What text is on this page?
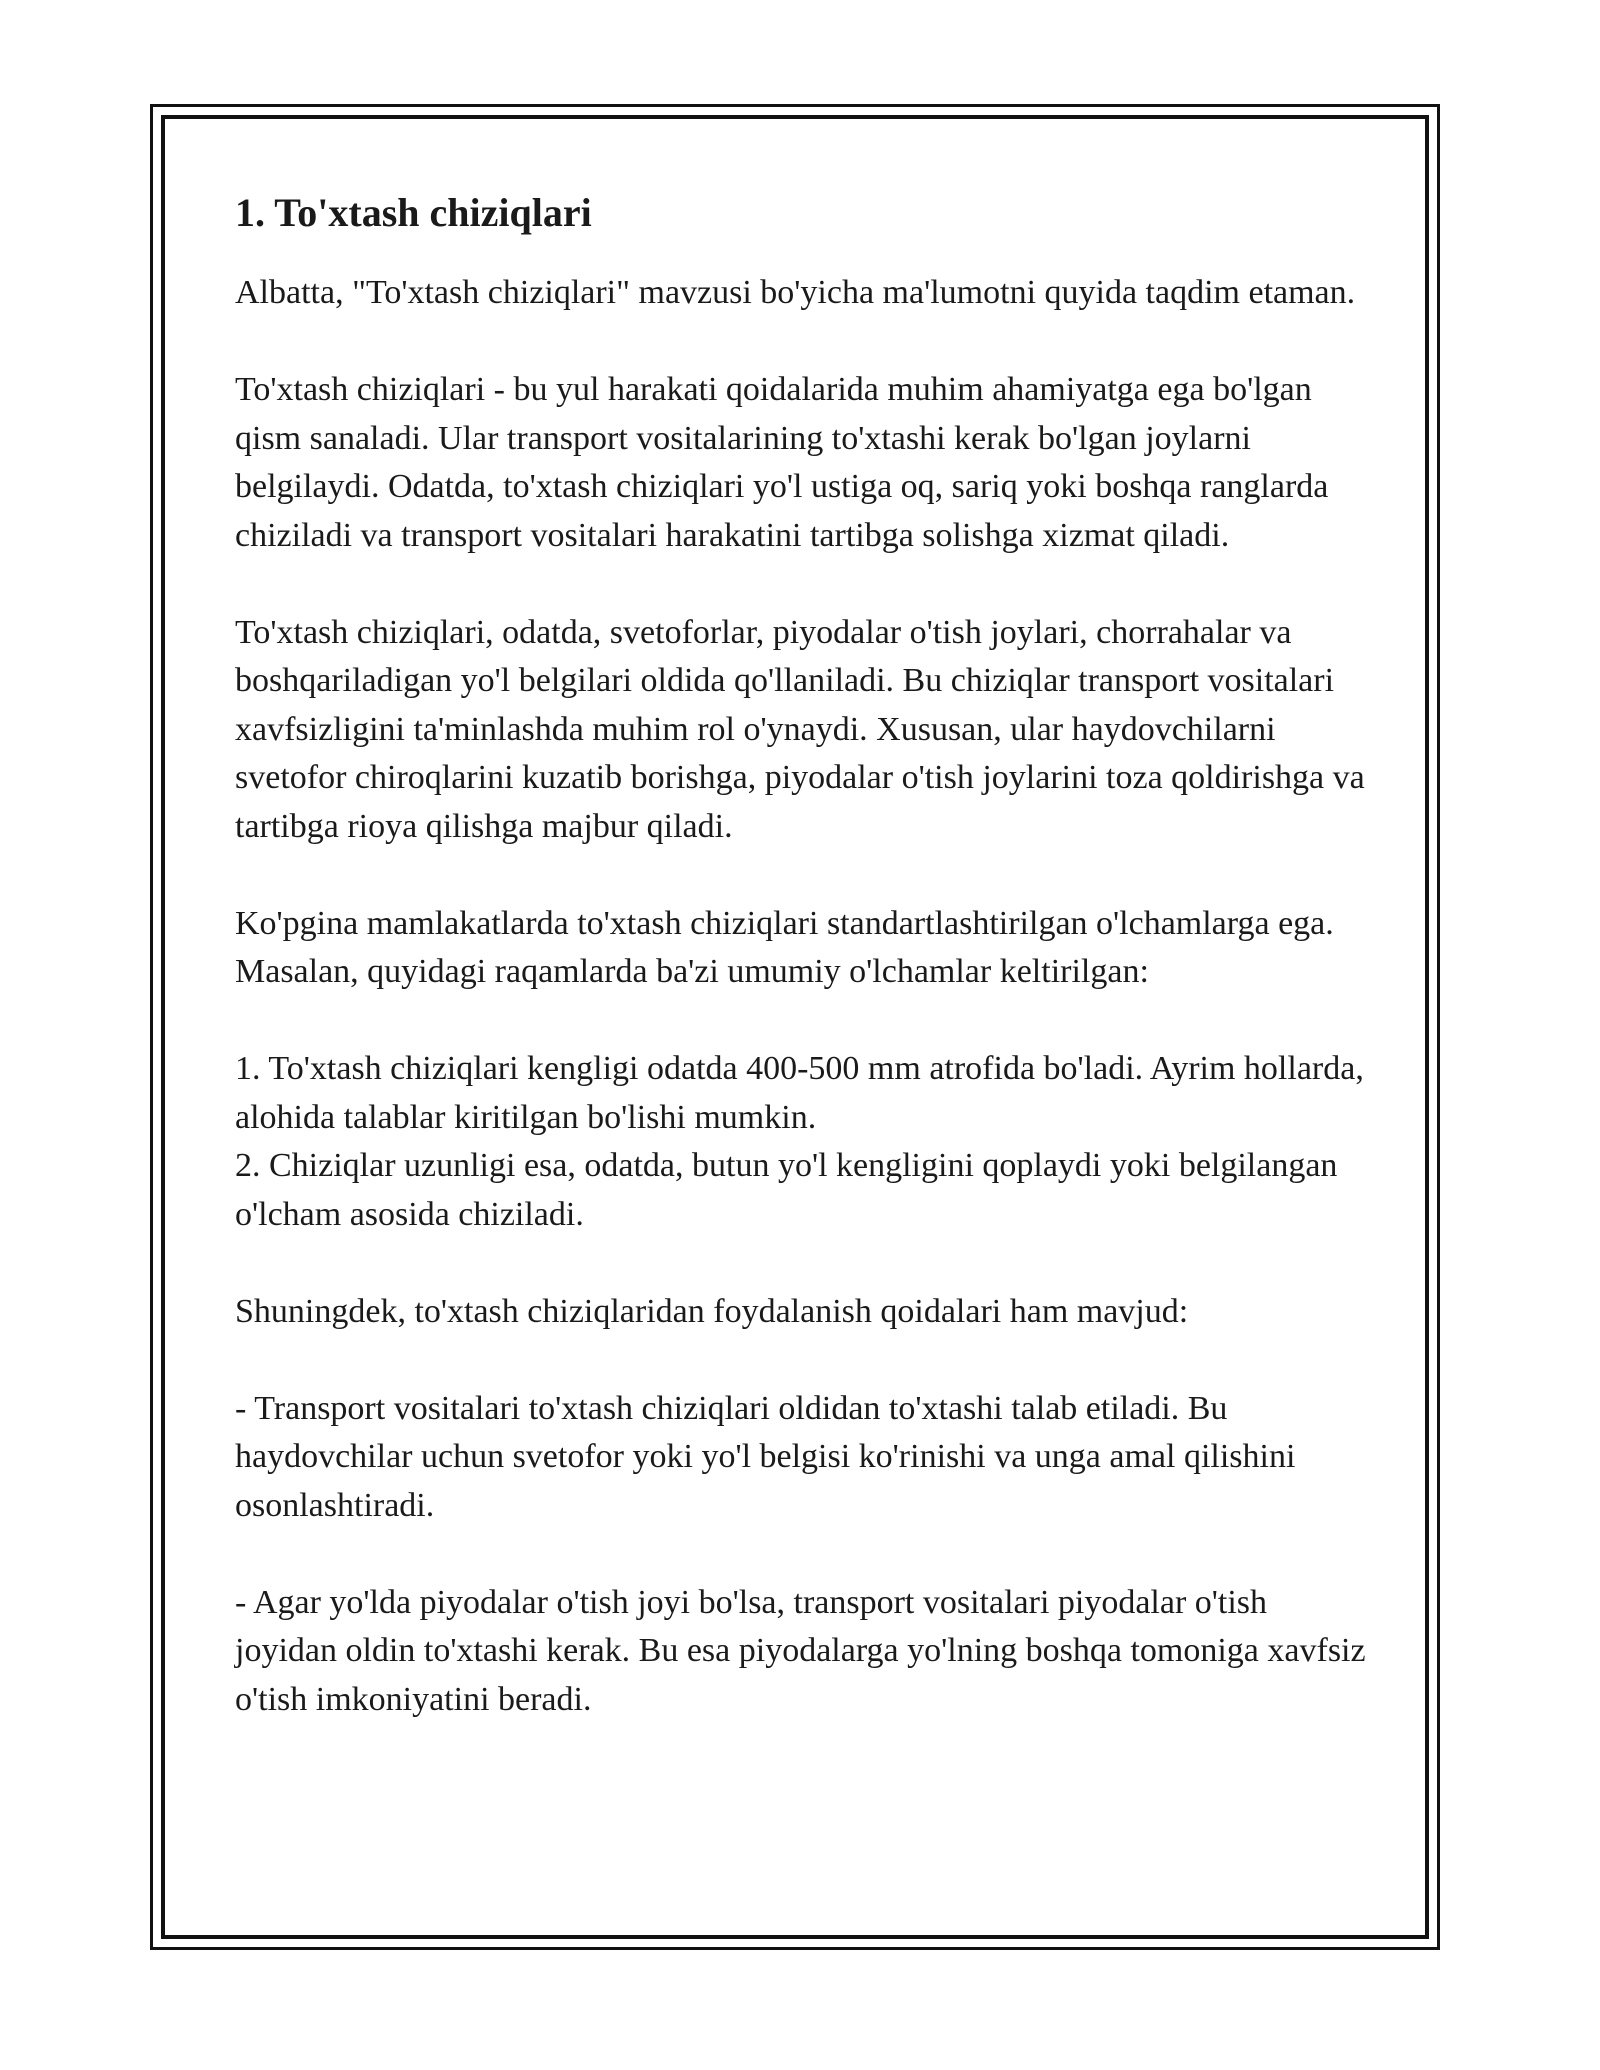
1. To'xtash chiziqlari

Albatta, "To'xtash chiziqlari" mavzusi bo'yicha ma'lumotni quyida taqdim etaman.

To'xtash chiziqlari - bu yul harakati qoidalarida muhim ahamiyatga ega bo'lgan qism sanaladi. Ular transport vositalarining to'xtashi kerak bo'lgan joylarni belgilaydi. Odatda, to'xtash chiziqlari yo'l ustiga oq, sariq yoki boshqa ranglarda chiziladi va transport vositalari harakatini tartibga solishga xizmat qiladi.

To'xtash chiziqlari, odatda, svetoforlar, piyodalar o'tish joylari, chorrahalar va boshqariladigan yo'l belgilari oldida qo'llaniladi. Bu chiziqlar transport vositalari xavfsizligini ta'minlashda muhim rol o'ynaydi. Xususan, ular haydovchilarni svetofor chiroqlarini kuzatib borishga, piyodalar o'tish joylarini toza qoldirishga va tartibga rioya qilishga majbur qiladi.

Ko'pgina mamlakatlarda to'xtash chiziqlari standartlashtirilgan o'lchamlarga ega. Masalan, quyidagi raqamlarda ba'zi umumiy o'lchamlar keltirilgan:

1. To'xtash chiziqlari kengligi odatda 400-500 mm atrofida bo'ladi. Ayrim hollarda, alohida talablar kiritilgan bo'lishi mumkin.
2. Chiziqlar uzunligi esa, odatda, butun yo'l kengligini qoplaydi yoki belgilangan o'lcham asosida chiziladi.

Shuningdek, to'xtash chiziqlaridan foydalanish qoidalari ham mavjud:

- Transport vositalari to'xtash chiziqlari oldidan to'xtashi talab etiladi. Bu haydovchilar uchun svetofor yoki yo'l belgisi ko'rinishi va unga amal qilishini osonlashtiradi.

- Agar yo'lda piyodalar o'tish joyi bo'lsa, transport vositalari piyodalar o'tish joyidan oldin to'xtashi kerak. Bu esa piyodalarga yo'lning boshqa tomoniga xavfsiz o'tish imkoniyatini beradi.
